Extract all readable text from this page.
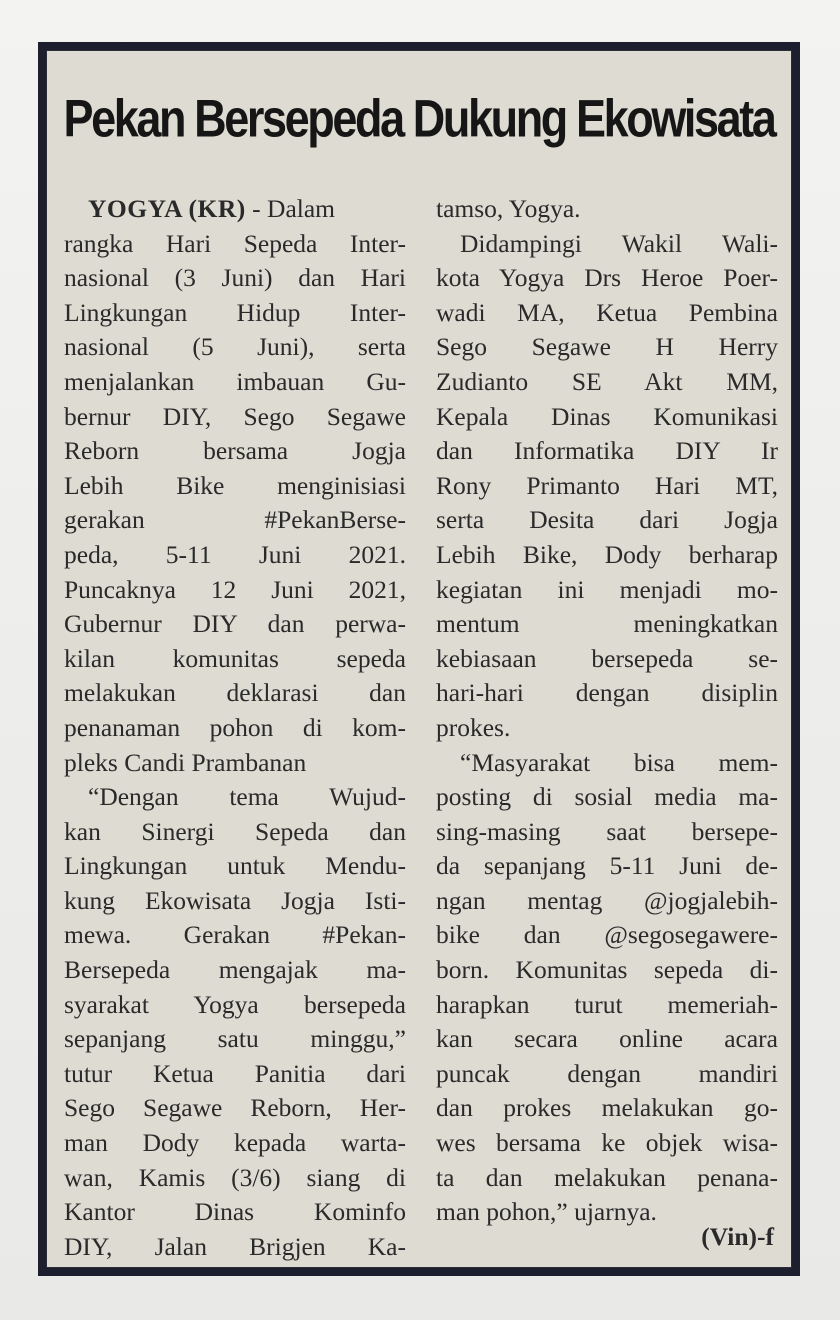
Pekan Bersepeda Dukung Ekowisata
YOGYA (KR) - Dalam
rangka Hari Sepeda Inter-
nasional (3 Juni) dan Hari
Lingkungan Hidup Inter-
nasional (5 Juni), serta
menjalankan imbauan Gu-
bernur DIY, Sego Segawe
Reborn bersama Jogja
Lebih Bike menginisiasi
gerakan #PekanBerse-
peda, 5-11 Juni 2021.
Puncaknya 12 Juni 2021,
Gubernur DIY dan perwa-
kilan komunitas sepeda
melakukan deklarasi dan
penanaman pohon di kom-
pleks Candi Prambanan
“Dengan tema Wujud-
kan Sinergi Sepeda dan
Lingkungan untuk Mendu-
kung Ekowisata Jogja Isti-
mewa. Gerakan #Pekan-
Bersepeda mengajak ma-
syarakat Yogya bersepeda
sepanjang satu minggu,”
tutur Ketua Panitia dari
Sego Segawe Reborn, Her-
man Dody kepada warta-
wan, Kamis (3/6) siang di
Kantor Dinas Kominfo
DIY, Jalan Brigjen Ka-
tamso, Yogya.
Didampingi Wakil Wali-
kota Yogya Drs Heroe Poer-
wadi MA, Ketua Pembina
Sego Segawe H Herry
Zudianto SE Akt MM,
Kepala Dinas Komunikasi
dan Informatika DIY Ir
Rony Primanto Hari MT,
serta Desita dari Jogja
Lebih Bike, Dody berharap
kegiatan ini menjadi mo-
mentum meningkatkan
kebiasaan bersepeda se-
hari-hari dengan disiplin
prokes.
“Masyarakat bisa mem-
posting di sosial media ma-
sing-masing saat bersepe-
da sepanjang 5-11 Juni de-
ngan mentag @jogjalebih-
bike dan @segosegawere-
born. Komunitas sepeda di-
harapkan turut memeriah-
kan secara online acara
puncak dengan mandiri
dan prokes melakukan go-
wes bersama ke objek wisa-
ta dan melakukan penana-
man pohon,” ujarnya.
(Vin)-f
